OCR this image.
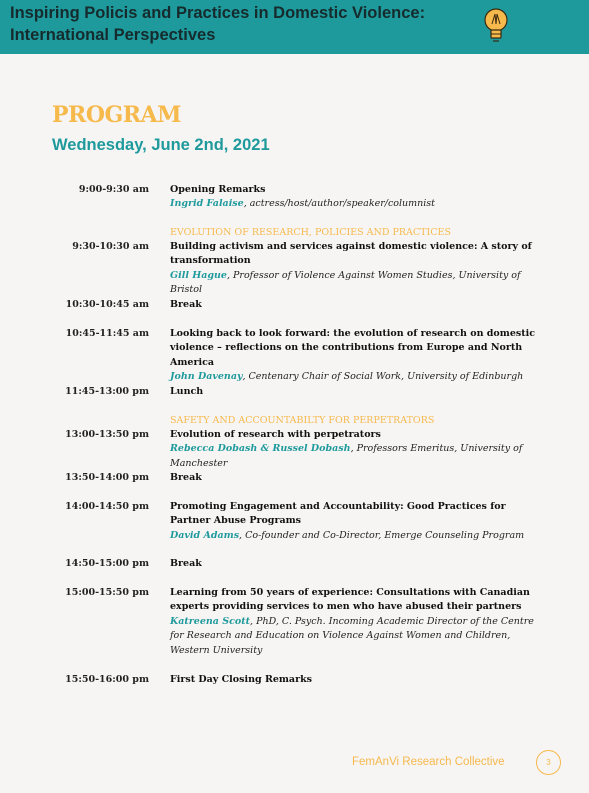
Inspiring Policis and Practices in Domestic Violence: International Perspectives
PROGRAM
Wednesday, June 2nd, 2021
9:00-9:30 am Opening Remarks
Ingrid Falaise, actress/host/author/speaker/columnist
EVOLUTION OF RESEARCH, POLICIES AND PRACTICES
9:30-10:30 am Building activism and services against domestic violence: A story of transformation
Gill Hague, Professor of Violence Against Women Studies, University of Bristol
10:30-10:45 am Break
10:45-11:45 am Looking back to look forward: the evolution of research on domestic violence – reflections on the contributions from Europe and North America
John Davenay, Centenary Chair of Social Work, University of Edinburgh
11:45-13:00 pm Lunch
SAFETY AND ACCOUNTABILTY FOR PERPETRATORS
13:00-13:50 pm Evolution of research with perpetrators
Rebecca Dobash & Russel Dobash, Professors Emeritus, University of Manchester
13:50-14:00 pm Break
14:00-14:50 pm Promoting Engagement and Accountability: Good Practices for Partner Abuse Programs
David Adams, Co-founder and Co-Director, Emerge Counseling Program
14:50-15:00 pm Break
15:00-15:50 pm Learning from 50 years of experience: Consultations with Canadian experts providing services to men who have abused their partners
Katreena Scott, PhD, C. Psych. Incoming Academic Director of the Centre for Research and Education on Violence Against Women and Children, Western University
15:50-16:00 pm First Day Closing Remarks
FemAnVi Research Collective	3
